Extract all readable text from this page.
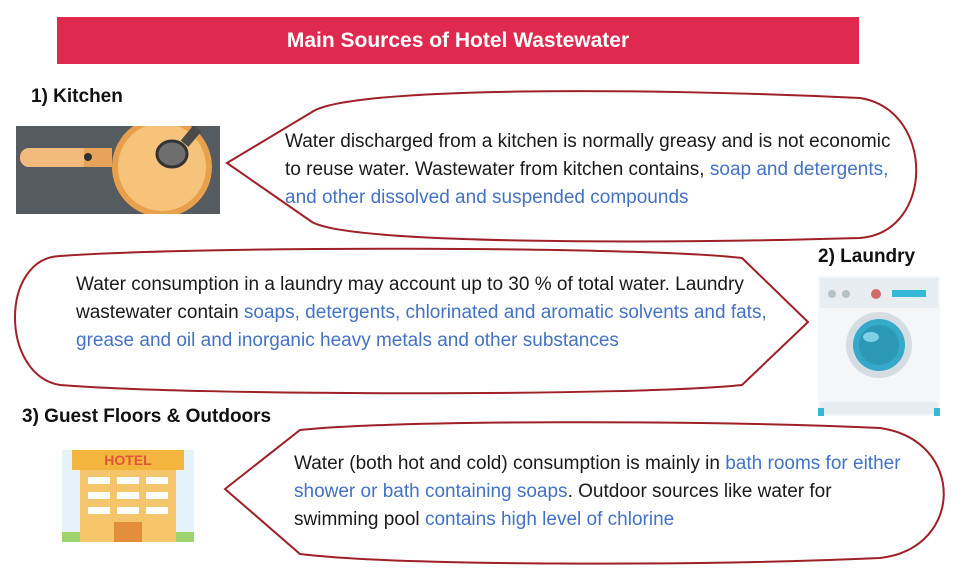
Main Sources of Hotel Wastewater
1) Kitchen
Water discharged from a kitchen is normally greasy and is not economic to reuse water. Wastewater from kitchen contains, soap and detergents, and other dissolved and suspended compounds
2) Laundry
Water consumption in a laundry may account up to 30 % of total water. Laundry wastewater contain soaps, detergents, chlorinated and aromatic solvents and fats, grease and oil and inorganic heavy metals and other substances
3) Guest Floors & Outdoors
HOTEL	Water (both hot and cold) consumption is mainly in bath rooms for either shower or bath containing soaps. Outdoor sources like water for swimming pool contains high level of chlorine
